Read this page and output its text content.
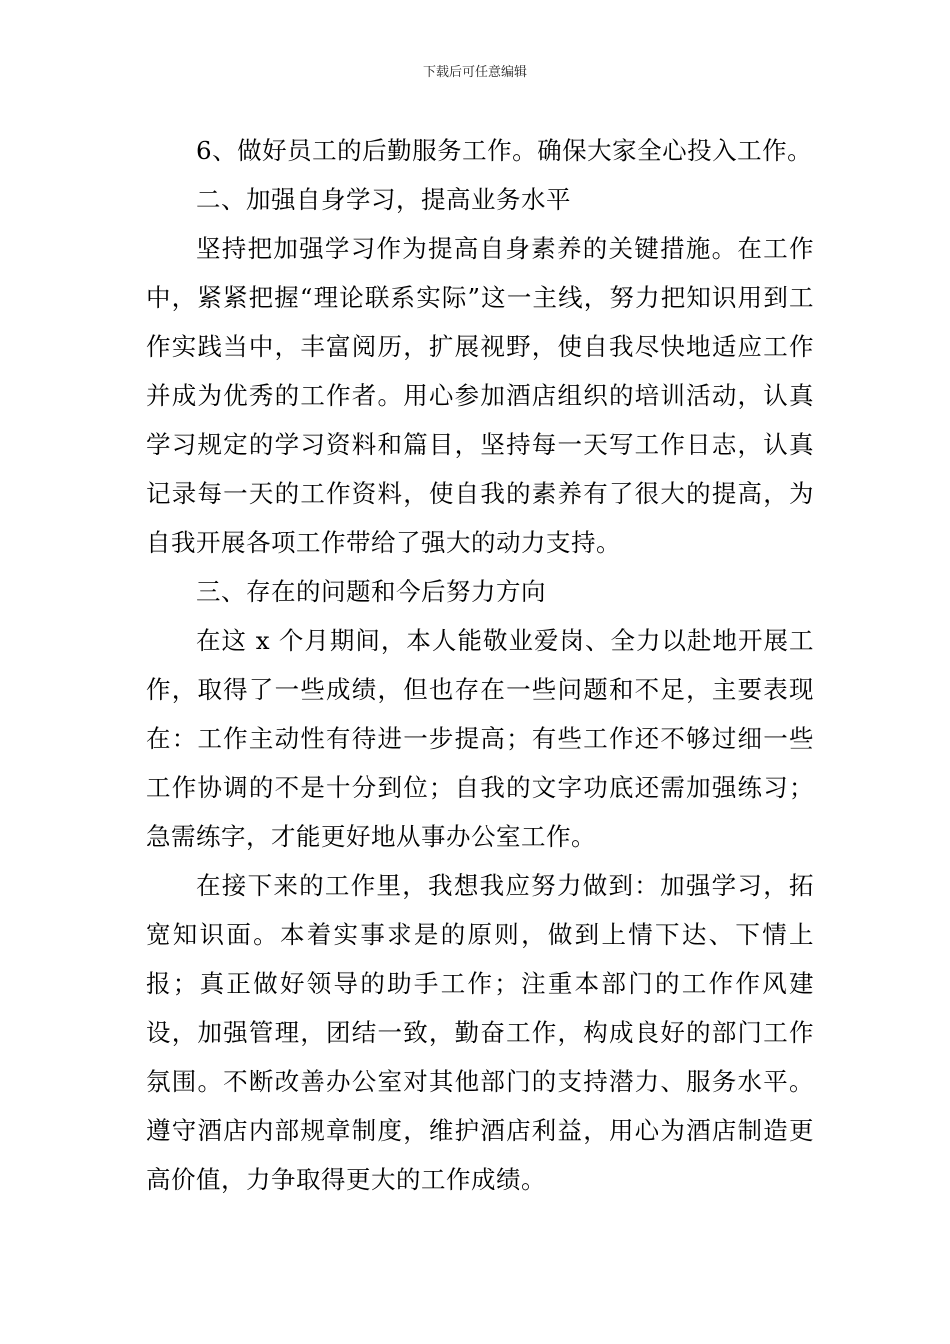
下载后可任意编辑

6、做好员工的后勤服务工作。确保大家全心投入工作。

二、加强自身学习，提高业务水平

坚持把加强学习作为提高自身素养的关键措施。在工作中，紧紧把握“理论联系实际”这一主线，努力把知识用到工作实践当中，丰富阅历，扩展视野，使自我尽快地适应工作并成为优秀的工作者。用心参加酒店组织的培训活动，认真学习规定的学习资料和篇目，坚持每一天写工作日志，认真记录每一天的工作资料，使自我的素养有了很大的提高，为自我开展各项工作带给了强大的动力支持。

三、存在的问题和今后努力方向

在这 x 个月期间，本人能敬业爱岗、全力以赴地开展工作，取得了一些成绩，但也存在一些问题和不足，主要表现在：工作主动性有待进一步提高；有些工作还不够过细一些工作协调的不是十分到位；自我的文字功底还需加强练习；急需练字，才能更好地从事办公室工作。

在接下来的工作里，我想我应努力做到：加强学习，拓宽知识面。本着实事求是的原则，做到上情下达、下情上报；真正做好领导的助手工作；注重本部门的工作作风建设，加强管理，团结一致，勤奋工作，构成良好的部门工作氛围。不断改善办公室对其他部门的支持潜力、服务水平。遵守酒店内部规章制度，维护酒店利益，用心为酒店制造更高价值，力争取得更大的工作成绩。
